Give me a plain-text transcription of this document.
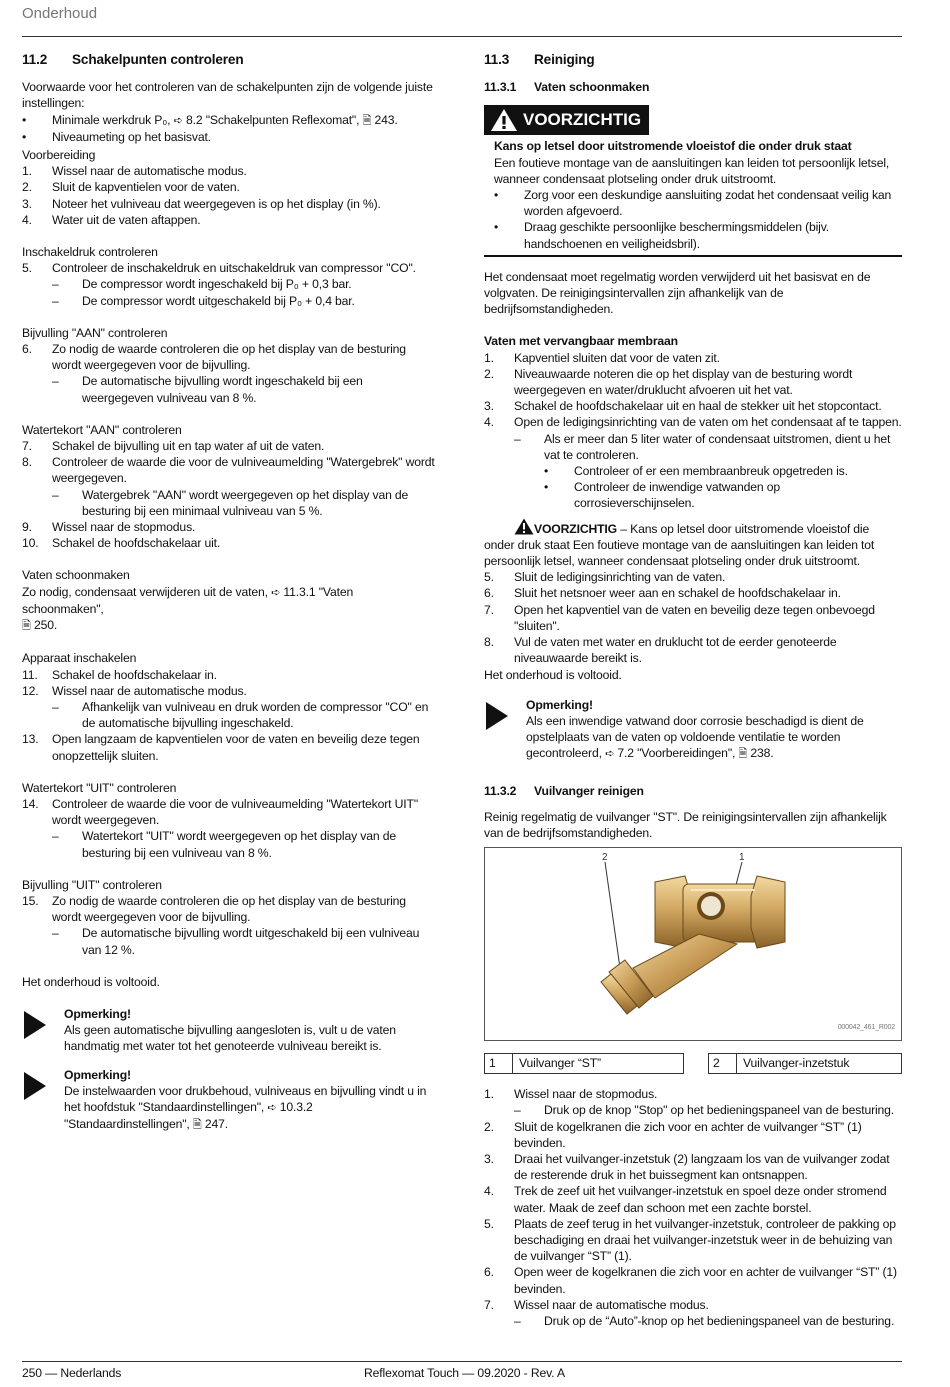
Onderhoud
11.2	Schakelpunten controleren

Voorwaarde voor het controleren van de schakelpunten zijn de volgende juiste instellingen:

•	Minimale werkdruk P₀, ➪ 8.2 "Schakelpunten Reflexomat", 🗎 243.
•	Niveaumeting op het basisvat.

Voorbereiding

1.	Wissel naar de automatische modus.
2.	Sluit de kapventielen voor de vaten.
3.	Noteer het vulniveau dat weergegeven is op het display (in %).
4.	Water uit de vaten aftappen.

Inschakeldruk controleren

5.	Controleer de inschakeldruk en uitschakeldruk van compressor "CO".
–	De compressor wordt ingeschakeld bij P₀ + 0,3 bar.
–	De compressor wordt uitgeschakeld bij P₀ + 0,4 bar.

Bijvulling "AAN" controleren

6.	Zo nodig de waarde controleren die op het display van de besturing wordt weergegeven voor de bijvulling.
–	De automatische bijvulling wordt ingeschakeld bij een weergegeven vulniveau van 8 %.

Watertekort "AAN" controleren

7.	Schakel de bijvulling uit en tap water af uit de vaten.
8.	Controleer de waarde die voor de vulniveaumelding "Watergebrek" wordt weergegeven.
–	Watergebrek "AAN" wordt weergegeven op het display van de besturing bij een minimaal vulniveau van 5 %.
9.	Wissel naar de stopmodus.
10.	Schakel de hoofdschakelaar uit.

Vaten schoonmaken

Zo nodig, condensaat verwijderen uit de vaten, ➪ 11.3.1 "Vaten schoonmaken",
🗎 250.

Apparaat inschakelen

11.	Schakel de hoofdschakelaar in.
12.	Wissel naar de automatische modus.
–	Afhankelijk van vulniveau en druk worden de compressor "CO" en de automatische bijvulling ingeschakeld.
13.	Open langzaam de kapventielen voor de vaten en beveilig deze tegen onopzettelijk sluiten.

Watertekort "UIT" controleren

14.	Controleer de waarde die voor de vulniveaumelding "Watertekort UIT" wordt weergegeven.
–	Watertekort "UIT" wordt weergegeven op het display van de besturing bij een vulniveau van 8 %.

Bijvulling "UIT" controleren

15.	Zo nodig de waarde controleren die op het display van de besturing wordt weergegeven voor de bijvulling.
–	De automatische bijvulling wordt uitgeschakeld bij een vulniveau van 12 %.

Het onderhoud is voltooid.

Opmerking!

Als geen automatische bijvulling aangesloten is, vult u de vaten handmatig met water tot het genoteerde vulniveau bereikt is.

Opmerking!

De instelwaarden voor drukbehoud, vulniveaus en bijvulling vindt u in het hoofdstuk "Standaardinstellingen", ➪ 10.3.2 "Standaardinstellingen", 🗎 247.

11.3	Reiniging
11.3.1	Vaten schoonmaken
VOORZICHTIG

Kans op letsel door uitstromende vloeistof die onder druk staat

Een foutieve montage van de aansluitingen kan leiden tot persoonlijk letsel, wanneer condensaat plotseling onder druk uitstroomt.

•	Zorg voor een deskundige aansluiting zodat het condensaat veilig kan worden afgevoerd.
•	Draag geschikte persoonlijke beschermingsmiddelen (bijv. handschoenen en veiligheidsbril).

Het condensaat moet regelmatig worden verwijderd uit het basisvat en de volgvaten. De reinigingsintervallen zijn afhankelijk van de bedrijfsomstandigheden.

Vaten met vervangbaar membraan

1.	Kapventiel sluiten dat voor de vaten zit.
2.	Niveauwaarde noteren die op het display van de besturing wordt weergegeven en water/druklucht afvoeren uit het vat.
3.	Schakel de hoofdschakelaar uit en haal de stekker uit het stopcontact.
4.	Open de ledigingsinrichting van de vaten om het condensaat af te tappen.
–	Als er meer dan 5 liter water of condensaat uitstromen, dient u het vat te controleren.
•	Controleer of er een membraanbreuk opgetreden is.
•	Controleer de inwendige vatwanden op corrosieverschijnselen.

VOORZICHTIG – Kans op letsel door uitstromende vloeistof die onder druk staat Een foutieve montage van de aansluitingen kan leiden tot persoonlijk letsel, wanneer condensaat plotseling onder druk uitstroomt.

5.	Sluit de ledigingsinrichting van de vaten.
6.	Sluit het netsnoer weer aan en schakel de hoofdschakelaar in.
7.	Open het kapventiel van de vaten en beveilig deze tegen onbevoegd "sluiten".
8.	Vul de vaten met water en druklucht tot de eerder genoteerde niveauwaarde bereikt is.

Het onderhoud is voltooid.

Opmerking!

Als een inwendige vatwand door corrosie beschadigd is dient de opstelplaats van de vaten op voldoende ventilatie te worden gecontroleerd, ➪ 7.2 "Voorbereidingen", 🗎 238.

11.3.2	Vuilvanger reinigen

Reinig regelmatig de vuilvanger "ST". De reinigingsintervallen zijn afhankelijk van de bedrijfsomstandigheden.

2	1
000042_461_R002
1	Vuilvanger “ST”	2	Vuilvanger-inzetstuk
1.	Wissel naar de stopmodus.
–	Druk op de knop "Stop" op het bedieningspaneel van de besturing.
2.	Sluit de kogelkranen die zich voor en achter de vuilvanger “ST” (1) bevinden.
3.	Draai het vuilvanger-inzetstuk (2) langzaam los van de vuilvanger zodat de resterende druk in het buissegment kan ontsnappen.
4.	Trek de zeef uit het vuilvanger-inzetstuk en spoel deze onder stromend water. Maak de zeef dan schoon met een zachte borstel.
5.	Plaats de zeef terug in het vuilvanger-inzetstuk, controleer de pakking op beschadiging en draai het vuilvanger-inzetstuk weer in de behuizing van de vuilvanger “ST” (1).
6.	Open weer de kogelkranen die zich voor en achter de vuilvanger “ST” (1) bevinden.
7.	Wissel naar de automatische modus.
–	Druk op de “Auto”-knop op het bedieningspaneel van de besturing.
250 — Nederlands	Reflexomat Touch — 09.2020 - Rev. A
